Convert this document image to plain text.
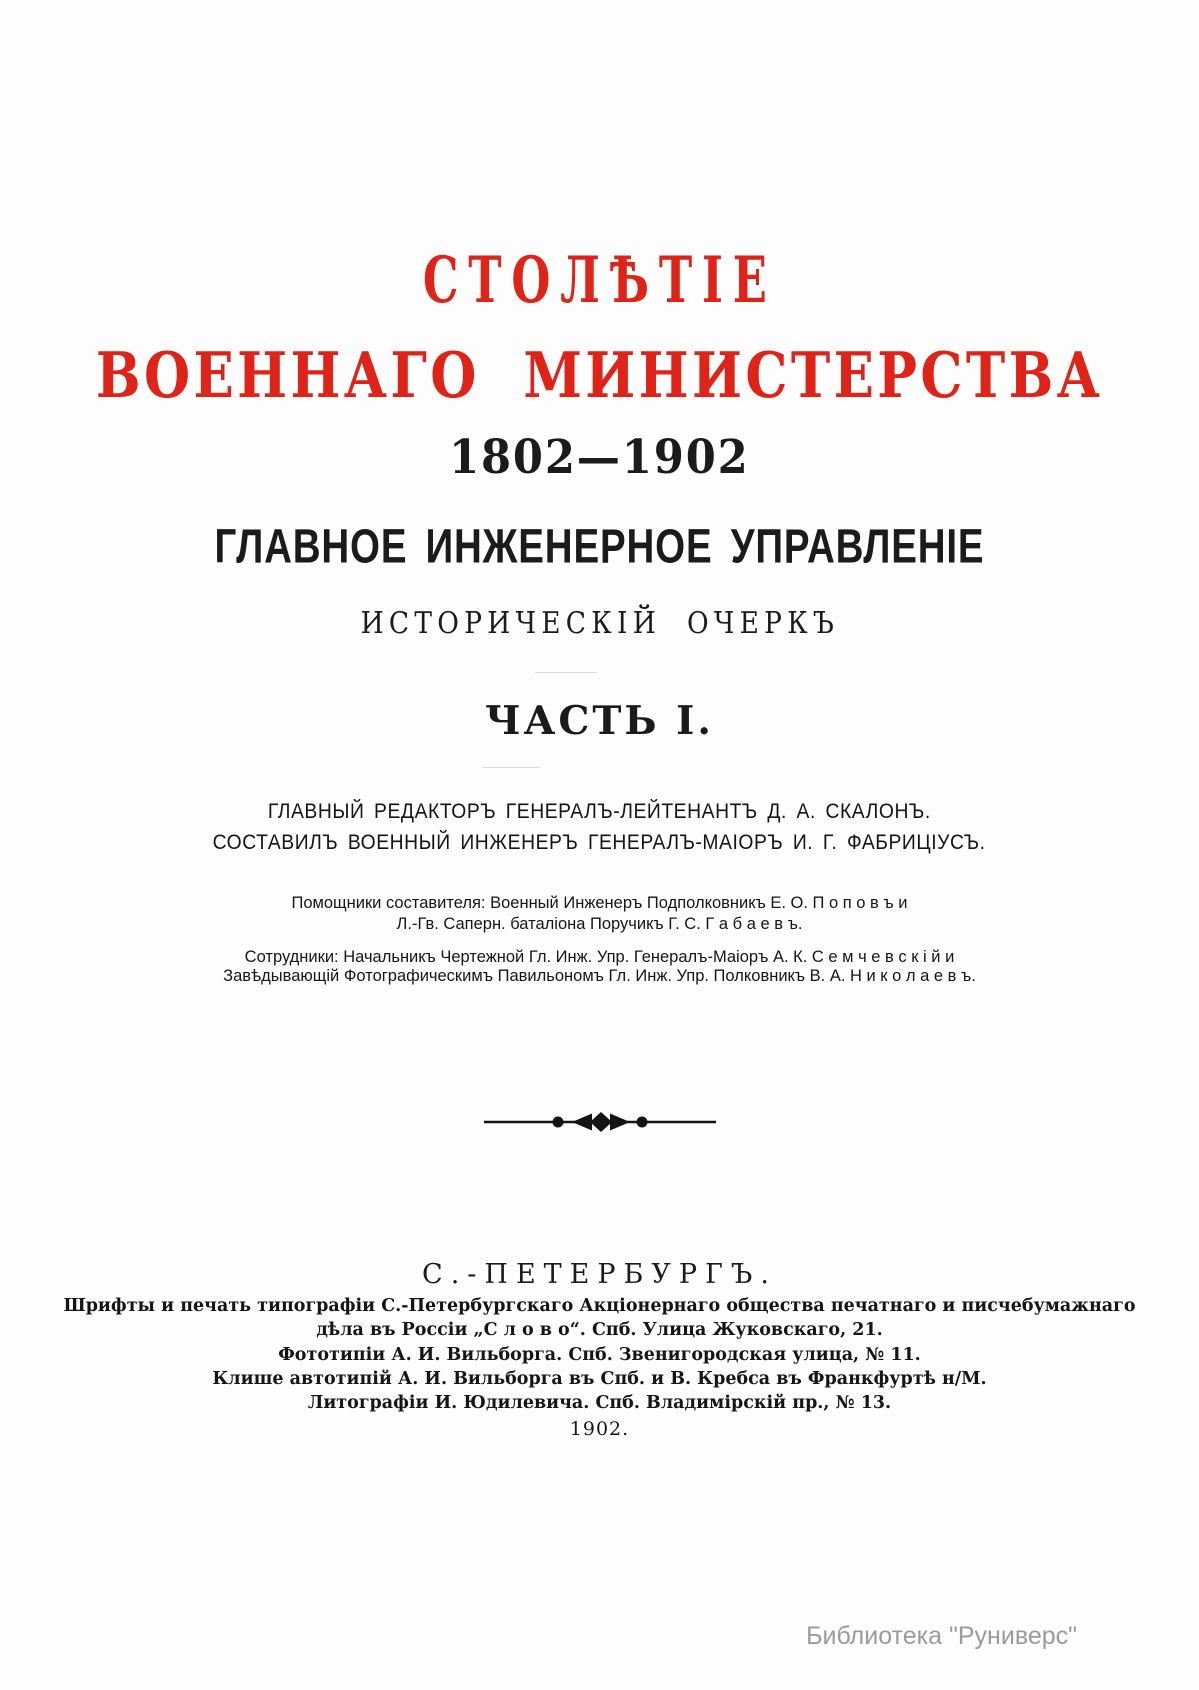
СТОЛѢТІЕ
ВОЕННАГО МИНИСТЕРСТВА
1802—1902
ГЛАВНОЕ ИНЖЕНЕРНОЕ УПРАВЛЕНІЕ
ИСТОРИЧЕСКІЙ ОЧЕРКЪ
ЧАСТЬ I.
ГЛАВНЫЙ РЕДАКТОРЪ ГЕНЕРАЛЪ-ЛЕЙТЕНАНТЪ Д. А. СКАЛОНЪ.
СОСТАВИЛЪ ВОЕННЫЙ ИНЖЕНЕРЪ ГЕНЕРАЛЪ-МАІОРЪ И. Г. ФАБРИЦІУСЪ.
Помощники составителя: Военный Инженеръ Подполковникъ Е. О. П о п о в ъ и
Л.-Гв. Саперн. баталіона Поручикъ Г. С. Г а б а е в ъ.
Сотрудники: Начальникъ Чертежной Гл. Инж. Упр. Генералъ-Маіоръ А. К. С е м ч е в с к і й и
Завѣдывающій Фотографическимъ Павильономъ Гл. Инж. Упр. Полковникъ В. А. Н и к о л а е в ъ.
С.-ПЕТЕРБУРГЪ.
Шрифты и печать типографіи С.-Петербургскаго Акціонернаго общества печатнаго и писчебумажнаго
дѣла въ Россіи „С л о в о“. Спб. Улица Жуковскаго, 21.
Фототипіи А. И. Вильборга. Спб. Звенигородская улица, № 11.
Клише автотипій А. И. Вильборга въ Спб. и В. Кребса въ Франкфуртѣ н/М.
Литографіи И. Юдилевича. Спб. Владимірскій пр., № 13.
1902.
Библиотека "Руниверс"
